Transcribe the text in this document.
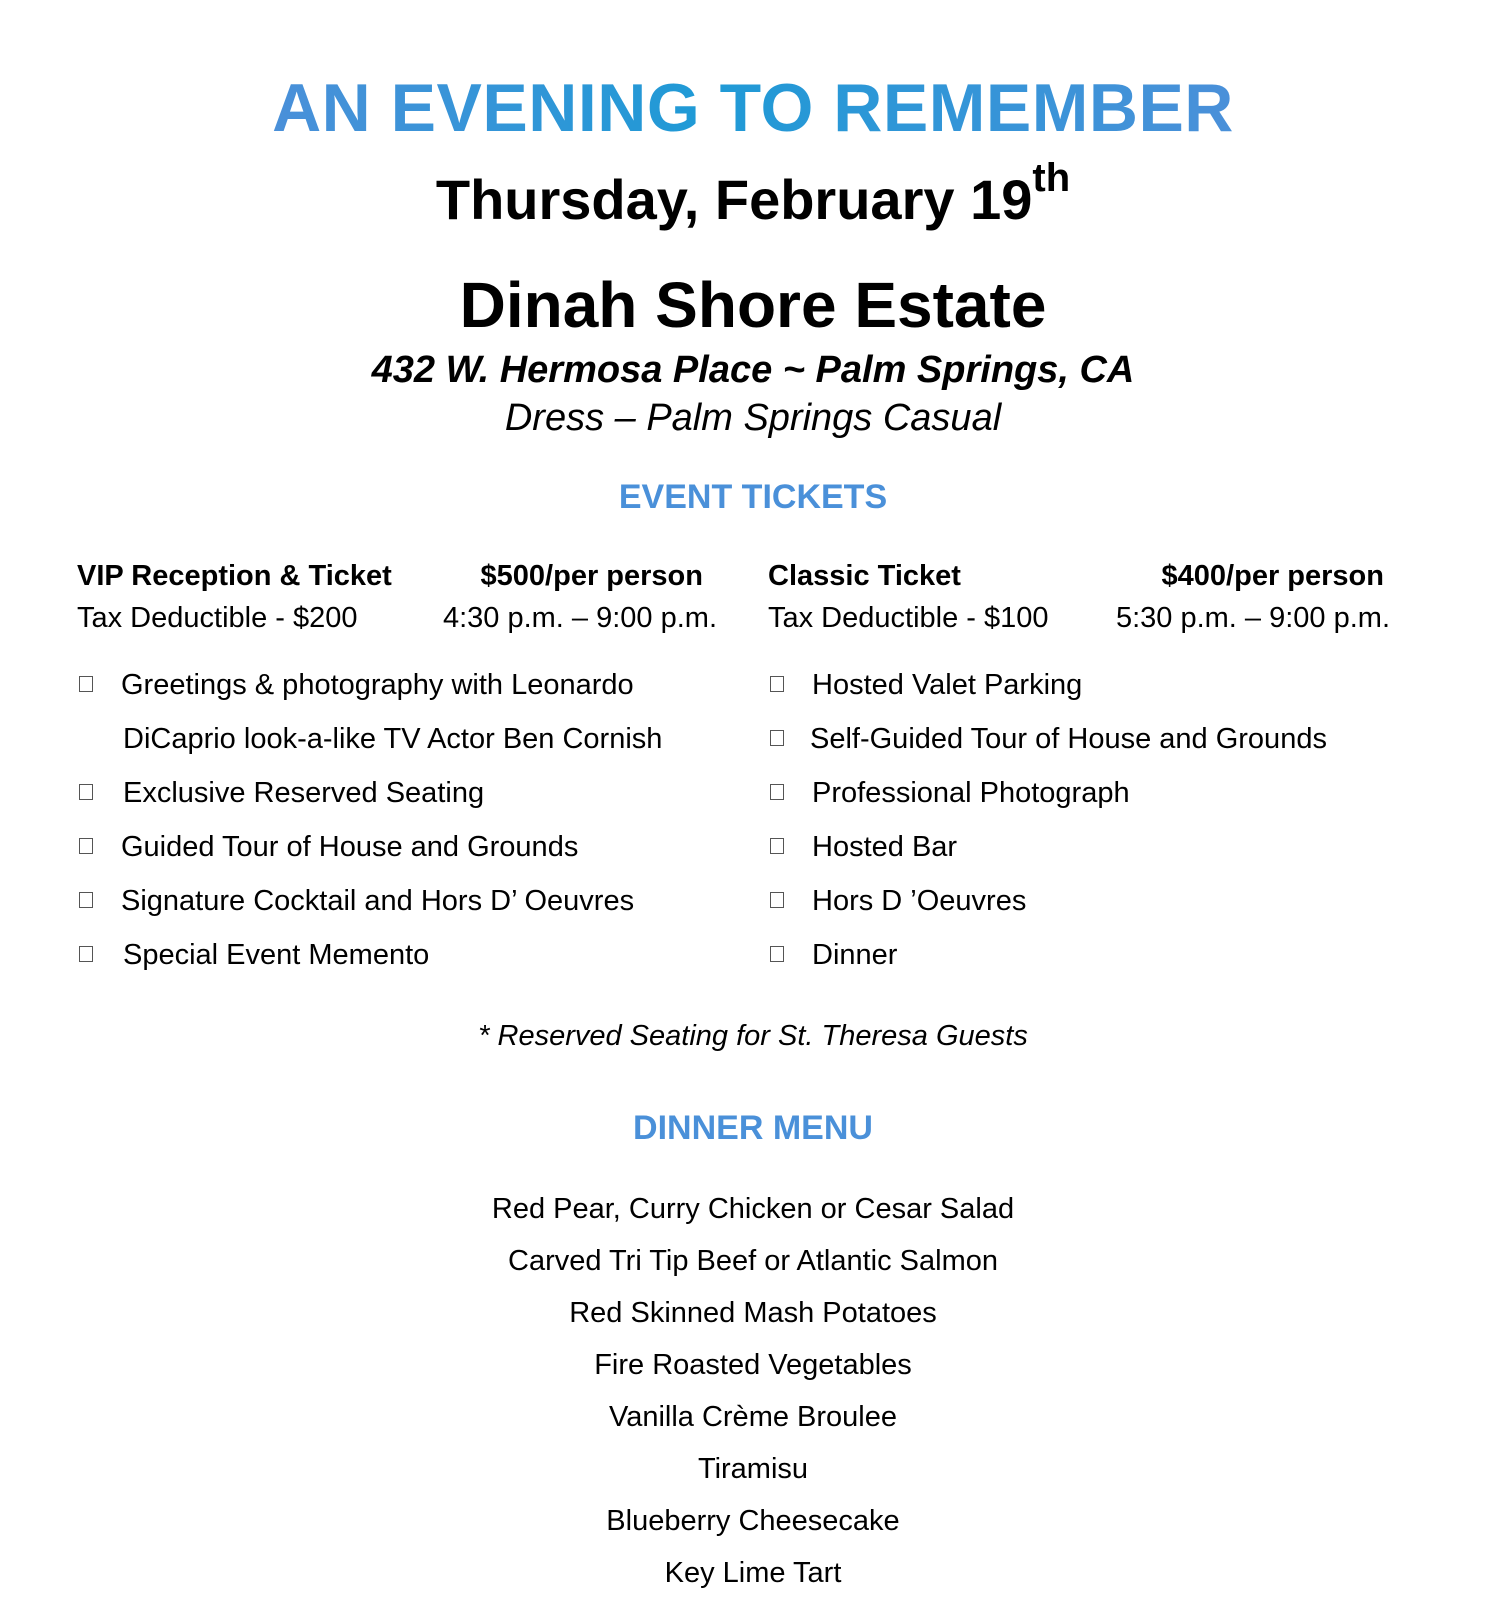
AN EVENING TO REMEMBER
Thursday, February 19th
Dinah Shore Estate
432 W. Hermosa Place ~ Palm Springs, CA
Dress – Palm Springs Casual
EVENT TICKETS
VIP Reception & Ticket	$500/per person
Tax Deductible - $200	4:30 p.m. – 9:00 p.m.
Classic Ticket	$400/per person
Tax Deductible - $100 5:30 p.m. – 9:00 p.m.
Greetings & photography with Leonardo
DiCaprio look-a-like TV Actor Ben Cornish
Exclusive Reserved Seating
Guided Tour of House and Grounds
Signature Cocktail and Hors D’ Oeuvres
Special Event Memento
Hosted Valet Parking
Self-Guided Tour of House and Grounds
Professional Photograph
Hosted Bar
Hors D ’Oeuvres
Dinner
* Reserved Seating for St. Theresa Guests
DINNER MENU
Red Pear, Curry Chicken or Cesar Salad
Carved Tri Tip Beef or Atlantic Salmon
Red Skinned Mash Potatoes
Fire Roasted Vegetables
Vanilla Crème Broulee
Tiramisu
Blueberry Cheesecake
Key Lime Tart
